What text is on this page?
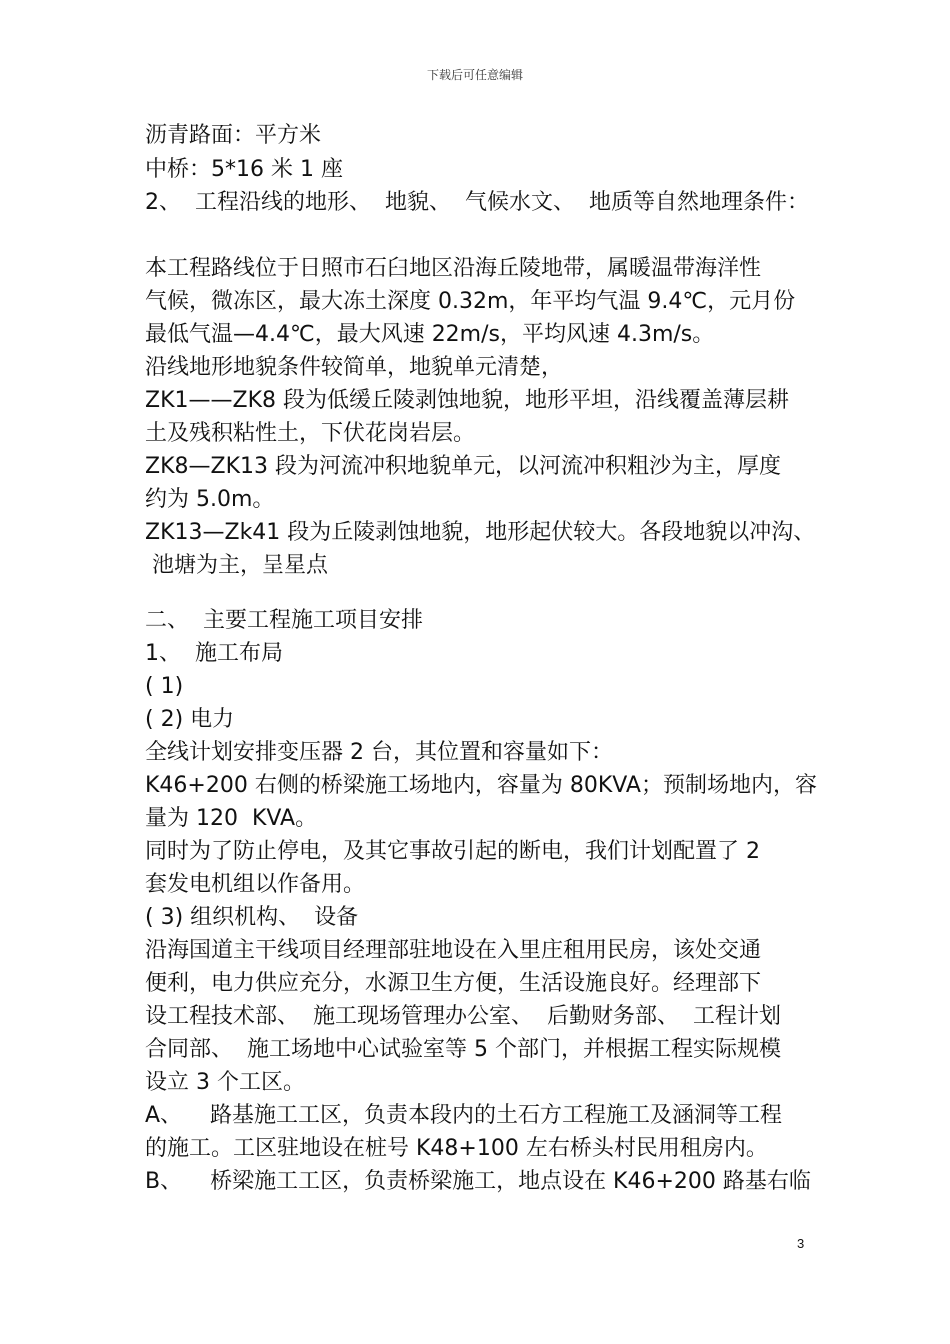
下载后可任意编辑
沥青路面：平方米
中桥：5*16 米 1 座
2、  工程沿线的地形、  地貌、  气候水文、  地质等自然地理条件：
本工程路线位于日照市石臼地区沿海丘陵地带，属暖温带海洋性
气候，微冻区，最大冻土深度 0.32m，年平均气温 9.4℃，元月份
最低气温—4.4℃，最大风速 22m/s，平均风速 4.3m/s。
沿线地形地貌条件较简单，地貌单元清楚，
ZK1——ZK8 段为低缓丘陵剥蚀地貌，地形平坦，沿线覆盖薄层耕
土及残积粘性土，下伏花岗岩层。
ZK8—ZK13 段为河流冲积地貌单元，以河流冲积粗沙为主，厚度
约为 5.0m。
ZK13—Zk41 段为丘陵剥蚀地貌，地形起伏较大。各段地貌以冲沟、
池塘为主，呈星点
二、  主要工程施工项目安排
1、  施工布局
( 1)
( 2) 电力
全线计划安排变压器 2 台，其位置和容量如下：
K46+200 右侧的桥梁施工场地内，容量为 80KVA；预制场地内，容
量为 120  KVA。
同时为了防止停电，及其它事故引起的断电，我们计划配置了 2
套发电机组以作备用。
( 3) 组织机构、  设备
沿海国道主干线项目经理部驻地设在入里庄租用民房，该处交通
便利，电力供应充分，水源卫生方便，生活设施良好。经理部下
设工程技术部、  施工现场管理办公室、  后勤财务部、  工程计划
合同部、  施工场地中心试验室等 5 个部门，并根据工程实际规模
设立 3 个工区。
A、    路基施工工区，负责本段内的土石方工程施工及涵洞等工程
的施工。工区驻地设在桩号 K48+100 左右桥头村民用租房内。
B、    桥梁施工工区，负责桥梁施工，地点设在 K46+200 路基右临
3
